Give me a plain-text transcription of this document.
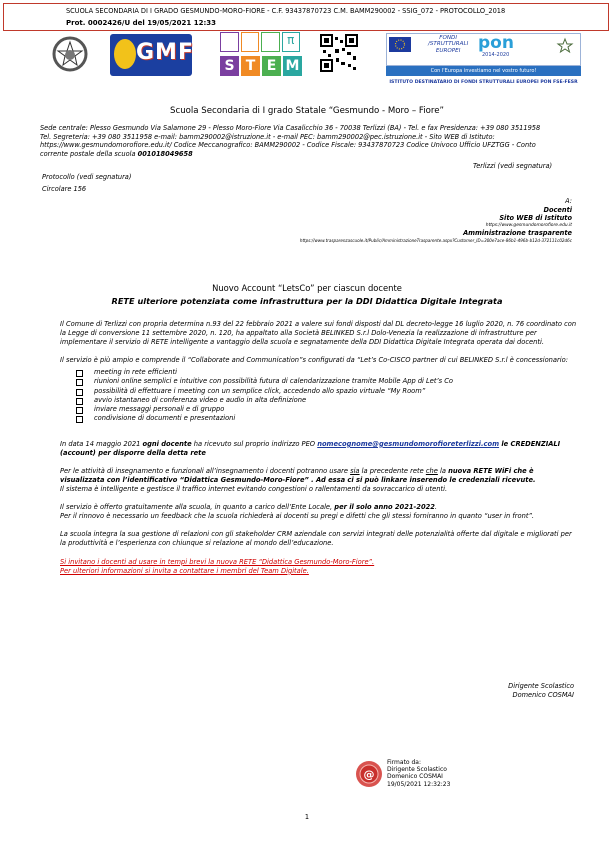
SCUOLA SECONDARIA DI I GRADO GESMUNDO-MORO-FIORE - C.F. 93437870723 C.M. BAMM290002 - SSIG_072 - PROTOCOLLO_2018
Prot. 0002426/U del 19/05/2021 12:33
GMF	π
S T E M
FONDI
/STRUTTURALI
EUROPEI	pon
2014-2020
Con l'Europa investiamo nel vostro futuro!
ISTITUTO DESTINATARIO DI FONDI STRUTTURALI EUROPEI PON FSE-FESR
Scuola Secondaria di I grado Statale “Gesmundo - Moro – Fiore”
Sede centrale: Plesso Gesmundo Via Salamone 29 - Plesso Moro-Fiore Via Casalicchio 36 - 70038 Terlizzi (BA) - Tel. e fax Presidenza: +39 080 3511958
Tel. Segreteria: +39 080 3511958 e-mail: bamm290002@istruzione.it - e-mail PEC: bamm290002@pec.istruzione.it - Sito WEB di Istituto:
https://www.gesmundomorofiore.edu.it/ Codice Meccanografico: BAMM290002 - Codice Fiscale: 93437870723 Codice Univoco Ufficio UFZTGG - Conto
corrente postale della scuola 001018049658
Terlizzi (vedi segnatura)
Protocollo (vedi segnatura)
Circolare 156
A:
Docenti
Sito WEB di Istituto
https://www.gesmundomorofiore.edu.it
Amministrazione trasparente
https://www.trasparenzascuole.it/Public/AmministrazioneTrasparente.aspx?Customer_ID=300e7ace-86b1-496b-b12d-372111c02d6c
Nuovo Account “LetsCo” per ciascun docente
RETE ulteriore potenziata come infrastruttura per la DDI Didattica Digitale Integrata

Il Comune di Terlizzi con propria determina n.93 del 22 febbraio 2021 a valere sui fondi disposti dal DL decreto-legge 16 luglio 2020, n. 76 coordinato con la Legge di conversione 11 settembre 2020, n. 120, ha appaltato alla Società BELINKED S.r.l Dolo-Venezia la realizzazione di infrastrutture per implementare il servizio di RETE intelligente a vantaggio della scuola e segnatamente della DDI Didattica Digitale Integrata operata dai docenti.

Il servizio è più ampio e comprende il “Collaborate and Communication”s configurati da “Let’s Co-CISCO partner di cui BELINKED S.r.l è concessionario:

meeting in rete efficienti
riunioni online semplici e intuitive con possibilità futura di calendarizzazione tramite Mobile App di Let’s Co
possibilità di effettuare i meeting con un semplice click, accedendo allo spazio virtuale “My Room”
avvio istantaneo di conferenza video e audio in alta definizione
inviare messaggi personali e di gruppo
condivisione di documenti e presentazioni

In data 14 maggio 2021 ogni docente ha ricevuto sul proprio indirizzo PEO nomecognome@gesmundomorofioreterlizzi.com le CREDENZIALI (account) per disporre della detta rete

Per le attività di insegnamento e funzionali all’insegnamento i docenti potranno usare sia la precedente rete che la nuova RETE WiFi che è visualizzata con l’identificativo “Didattica Gesmundo-Moro-Fiore” . Ad essa ci si può linkare inserendo le credenziali ricevute.

Il sistema è intelligente e gestisce il traffico internet evitando congestioni o rallentamenti da sovraccarico di utenti.

Il servizio è offerto gratuitamente alla scuola, in quanto a carico dell’Ente Locale, per il solo anno 2021-2022.

Per il rinnovo è necessario un feedback che la scuola richiederà ai docenti su pregi e difetti che gli stessi forniranno in quanto “user in front”.

La scuola integra la sua gestione di relazioni con gli stakeholder CRM aziendale con servizi integrati delle potenzialità offerte dal digitale e migliorati per la produttività e l’esperienza con chiunque si relazione al mondo dell’educazione.

Si invitano i docenti ad usare in tempi brevi la nuova RETE “Didattica Gesmundo-Moro-Fiore”.

Per ulteriori informazioni si invita a contattare i membri del Team Digitale.

Dirigente Scolastico
Domenico COSMAI
@
Firmato da:
Dirigente Scolastico
Domenico COSMAI
19/05/2021 12:32:23
1
